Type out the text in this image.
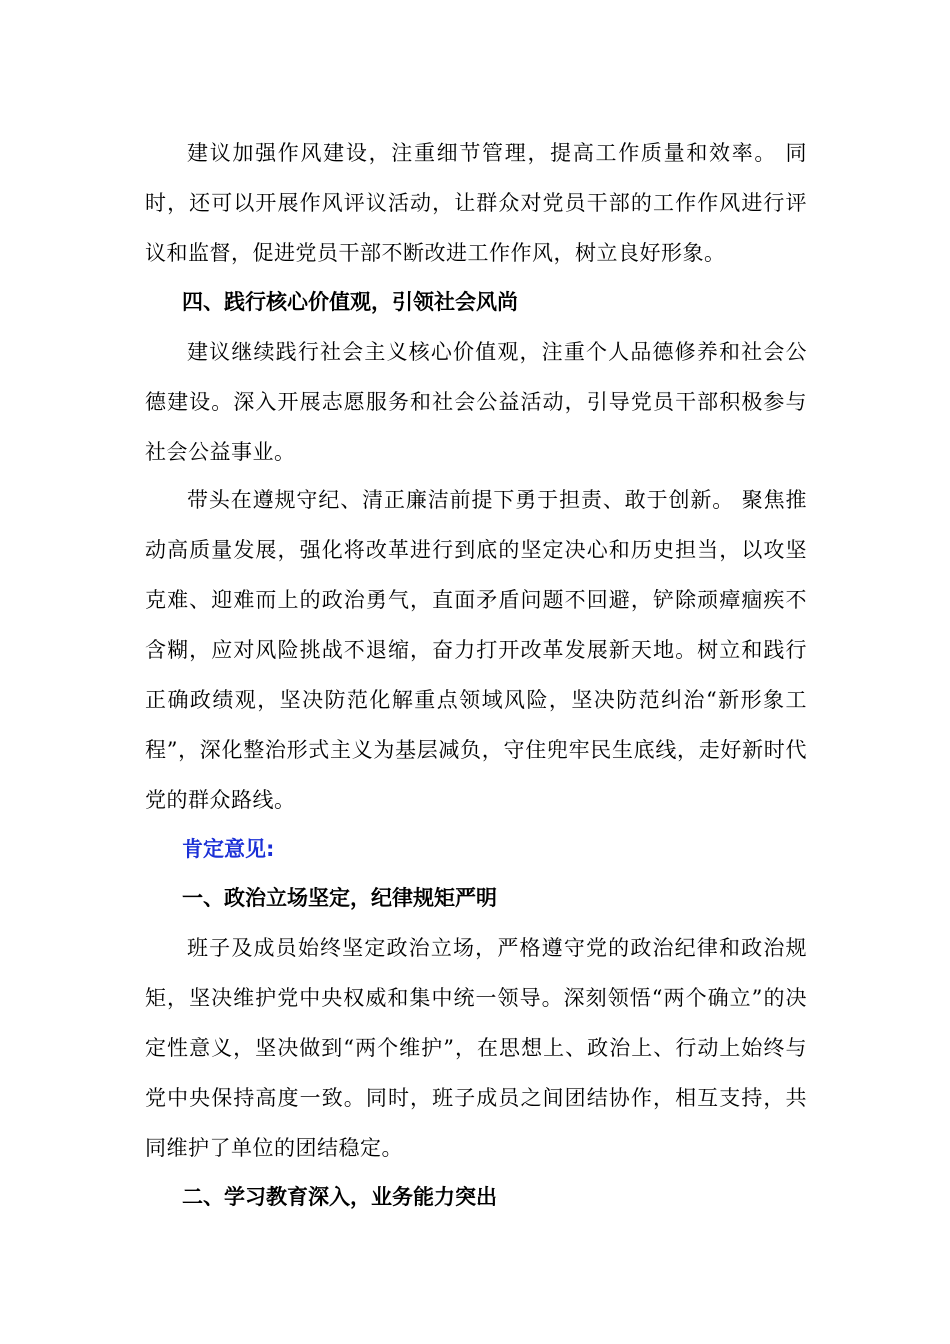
建议加强作风建设，注重细节管理，提高工作质量和效率。 同时，还可以开展作风评议活动，让群众对党员干部的工作作风进行评议和监督，促进党员干部不断改进工作作风，树立良好形象。

四、践行核心价值观，引领社会风尚

建议继续践行社会主义核心价值观，注重个人品德修养和社会公德建设。深入开展志愿服务和社会公益活动，引导党员干部积极参与社会公益事业。

带头在遵规守纪、清正廉洁前提下勇于担责、敢于创新。 聚焦推动高质量发展，强化将改革进行到底的坚定决心和历史担当，以攻坚克难、迎难而上的政治勇气，直面矛盾问题不回避，铲除顽瘴痼疾不含糊，应对风险挑战不退缩，奋力打开改革发展新天地。树立和践行正确政绩观，坚决防范化解重点领域风险，坚决防范纠治“新形象工程”，深化整治形式主义为基层减负，守住兜牢民生底线，走好新时代党的群众路线。

肯定意见:

一、政治立场坚定，纪律规矩严明

班子及成员始终坚定政治立场，严格遵守党的政治纪律和政治规矩，坚决维护党中央权威和集中统一领导。深刻领悟“两个确立”的决定性意义，坚决做到“两个维护”，在思想上、政治上、行动上始终与党中央保持高度一致。同时，班子成员之间团结协作，相互支持，共同维护了单位的团结稳定。

二、学习教育深入，业务能力突出
